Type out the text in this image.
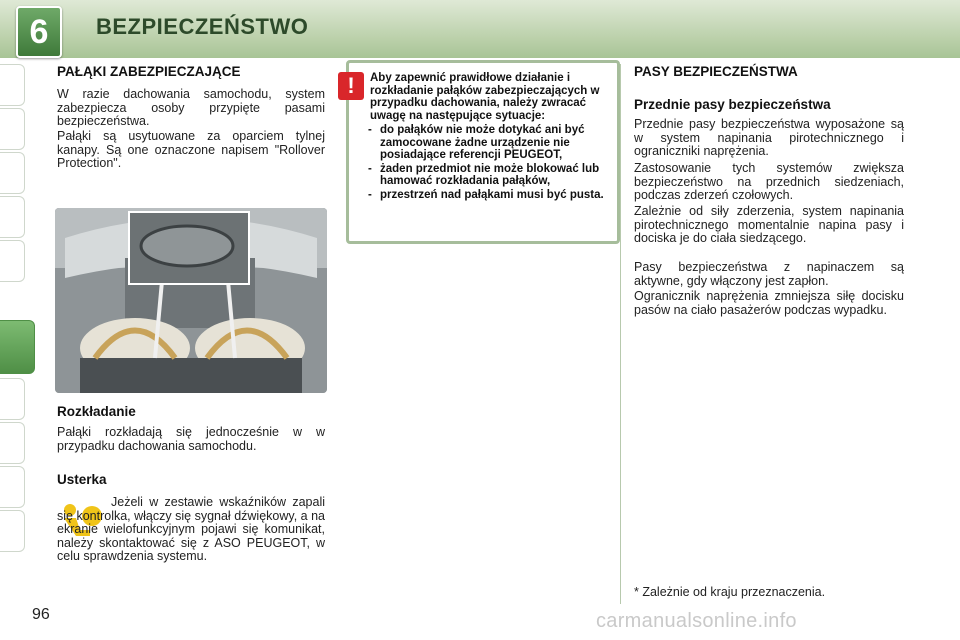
6	BEZPIECZEŃSTWO
PAŁĄKI ZABEZPIECZAJĄCE

W razie dachowania samochodu, system zabezpiecza osoby przypięte pasami bezpieczeństwa.

Pałąki są usytuowane za oparciem tylnej kanapy. Są one oznaczone napisem "Rollover Protection".

Rozkładanie

Pałąki rozkładają się jednocześnie w w przypadku dachowania samochodu.

Usterka

Jeżeli w zestawie wskaźników zapali się kontrolka, włączy się sygnał dźwiękowy, a na ekranie wielofunkcyjnym pojawi się komunikat, należy skontaktować się z ASO PEUGEOT, w celu sprawdzenia systemu.

!	Aby zapewnić prawidłowe działanie i rozkładanie pałąków zabezpieczających w przypadku dachowania, należy zwracać uwagę na następujące sytuacje:

- do pałąków nie może dotykać ani być zamocowane żadne urządzenie nie posiadające referencji PEUGEOT,
- żaden przedmiot nie może blokować lub hamować rozkładania pałąków,
- przestrzeń nad pałąkami musi być pusta.
PASY BEZPIECZEŃSTWA
Przednie pasy bezpieczeństwa

Przednie pasy bezpieczeństwa wyposażone są w system napinania pirotechnicznego i ograniczniki naprężenia.

Zastosowanie tych systemów zwiększa bezpieczeństwo na przednich siedzeniach, podczas zderzeń czołowych.

Zależnie od siły zderzenia, system napinania pirotechnicznego momentalnie napina pasy i dociska je do ciała siedzącego.

Pasy bezpieczeństwa z napinaczem są aktywne, gdy włączony jest zapłon.

Ogranicznik naprężenia zmniejsza siłę docisku pasów na ciało pasażerów podczas wypadku.

* Zależnie od kraju przeznaczenia.

96	carmanualsonline.info
